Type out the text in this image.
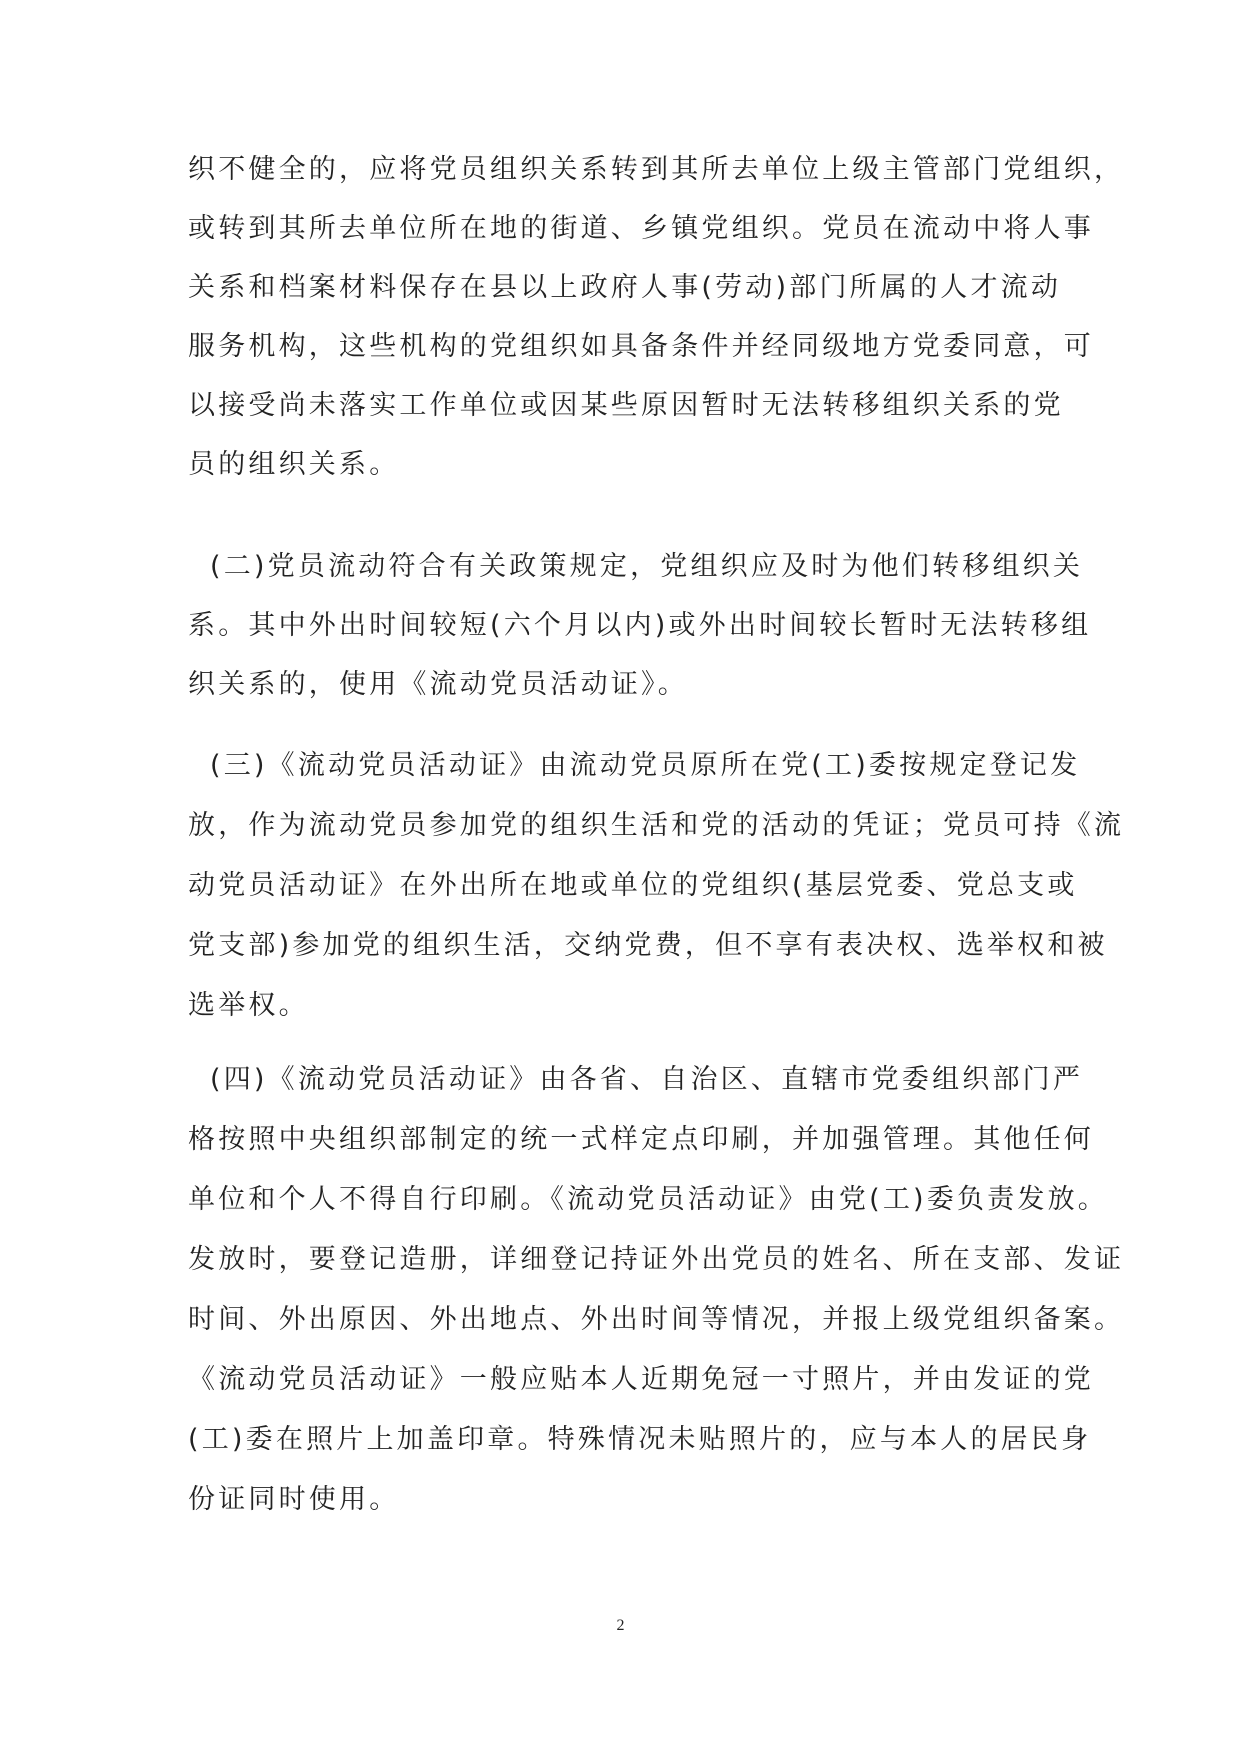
织不健全的，应将党员组织关系转到其所去单位上级主管部门党组织，
或转到其所去单位所在地的街道、乡镇党组织。党员在流动中将人事
关系和档案材料保存在县以上政府人事(劳动)部门所属的人才流动
服务机构，这些机构的党组织如具备条件并经同级地方党委同意，可
以接受尚未落实工作单位或因某些原因暂时无法转移组织关系的党
员的组织关系。
(二)党员流动符合有关政策规定，党组织应及时为他们转移组织关
系。其中外出时间较短(六个月以内)或外出时间较长暂时无法转移组
织关系的，使用《流动党员活动证》。
(三)《流动党员活动证》由流动党员原所在党(工)委按规定登记发
放，作为流动党员参加党的组织生活和党的活动的凭证；党员可持《流
动党员活动证》在外出所在地或单位的党组织(基层党委、党总支或
党支部)参加党的组织生活，交纳党费，但不享有表决权、选举权和被
选举权。
(四)《流动党员活动证》由各省、自治区、直辖市党委组织部门严
格按照中央组织部制定的统一式样定点印刷，并加强管理。其他任何
单位和个人不得自行印刷。《流动党员活动证》由党(工)委负责发放。
发放时，要登记造册，详细登记持证外出党员的姓名、所在支部、发证
时间、外出原因、外出地点、外出时间等情况，并报上级党组织备案。
《流动党员活动证》一般应贴本人近期免冠一寸照片，并由发证的党
(工)委在照片上加盖印章。特殊情况未贴照片的，应与本人的居民身
份证同时使用。
2
